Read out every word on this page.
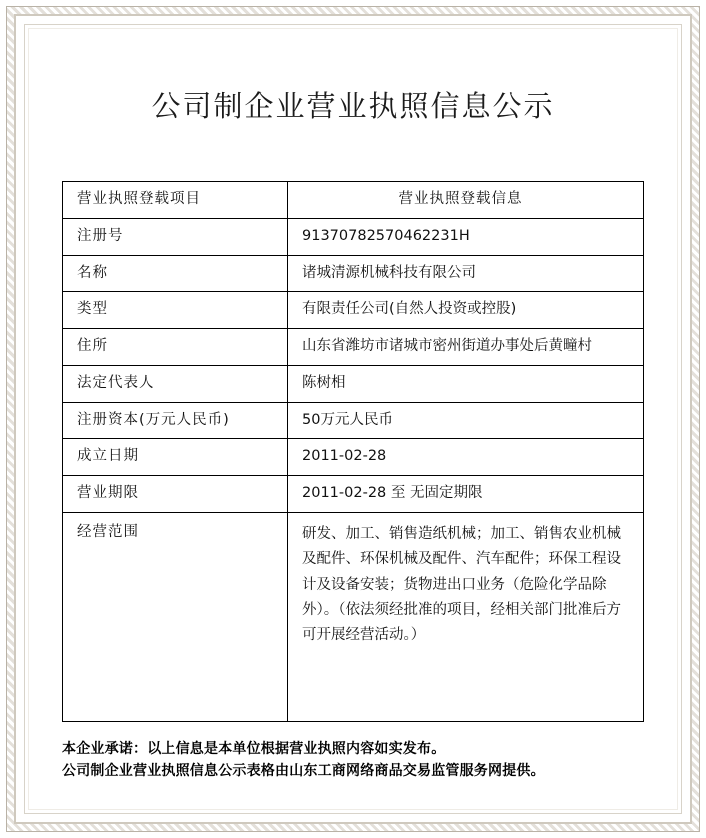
公司制企业营业执照信息公示
营业执照登载项目	营业执照登载信息
注册号	91370782570462231H
名称	诸城清源机械科技有限公司
类型	有限责任公司(自然人投资或控股)
住所	山东省潍坊市诸城市密州街道办事处后黄疃村
法定代表人	陈树相
注册资本(万元人民币)	50万元人民币
成立日期	2011-02-28
营业期限	2011-02-28 至 无固定期限
经营范围	研发、加工、销售造纸机械；加工、销售农业机械及配件、环保机械及配件、汽车配件；环保工程设计及设备安装；货物进出口业务（危险化学品除外）。（依法须经批准的项目，经相关部门批准后方可开展经营活动。）
本企业承诺：以上信息是本单位根据营业执照内容如实发布。
公司制企业营业执照信息公示表格由山东工商网络商品交易监管服务网提供。
